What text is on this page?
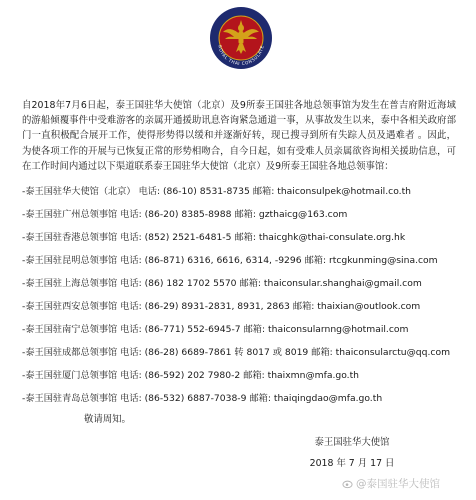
ROYAL THAI CONSULATE
自2018年7月6日起，泰王国驻华大使馆（北京）及9所泰王国驻各地总领事馆为发生在普吉府附近海域的游船倾覆事件中受难游客的亲属开通援助讯息咨询紧急通道一事，从事故发生以来，泰中各相关政府部门一直积极配合展开工作，使得形势得以缓和并逐渐好转，现已搜寻到所有失踪人员及遇难者 。因此，为使各项工作的开展与已恢复正常的形势相吻合，自今日起，如有受难人员亲属欲咨询相关援助信息，可在工作时间内通过以下渠道联系泰王国驻华大使馆（北京）及9所泰王国驻各地总领事馆：
-泰王国驻华大使馆（北京） 电话: (86-10) 8531-8735 邮箱: thaiconsulpek@hotmail.co.th
-泰王国驻广州总领事馆 电话: (86-20) 8385-8988 邮箱: gzthaicg@163.com
-泰王国驻香港总领事馆 电话: (852) 2521-6481-5 邮箱: thaicghk@thai-consulate.org.hk
-泰王国驻昆明总领事馆 电话: (86-871) 6316, 6616, 6314, -9296 邮箱: rtcgkunming@sina.com
-泰王国驻上海总领事馆 电话: (86) 182 1702 5570 邮箱: thaiconsular.shanghai@gmail.com
-泰王国驻西安总领事馆 电话: (86-29) 8931-2831, 8931, 2863 邮箱: thaixian@outlook.com
-泰王国驻南宁总领事馆 电话: (86-771) 552-6945-7 邮箱: thaiconsularnng@hotmail.com
-泰王国驻成都总领事馆 电话: (86-28) 6689-7861 转 8017 或 8019 邮箱: thaiconsularctu@qq.com
-泰王国驻厦门总领事馆 电话: (86-592) 202 7980-2 邮箱: thaixmn@mfa.go.th
-泰王国驻青岛总领事馆 电话: (86-532) 6887-7038-9 邮箱: thaiqingdao@mfa.go.th
敬请周知。
泰王国驻华大使馆
2018 年 7 月 17 日
@泰国驻华大使馆
